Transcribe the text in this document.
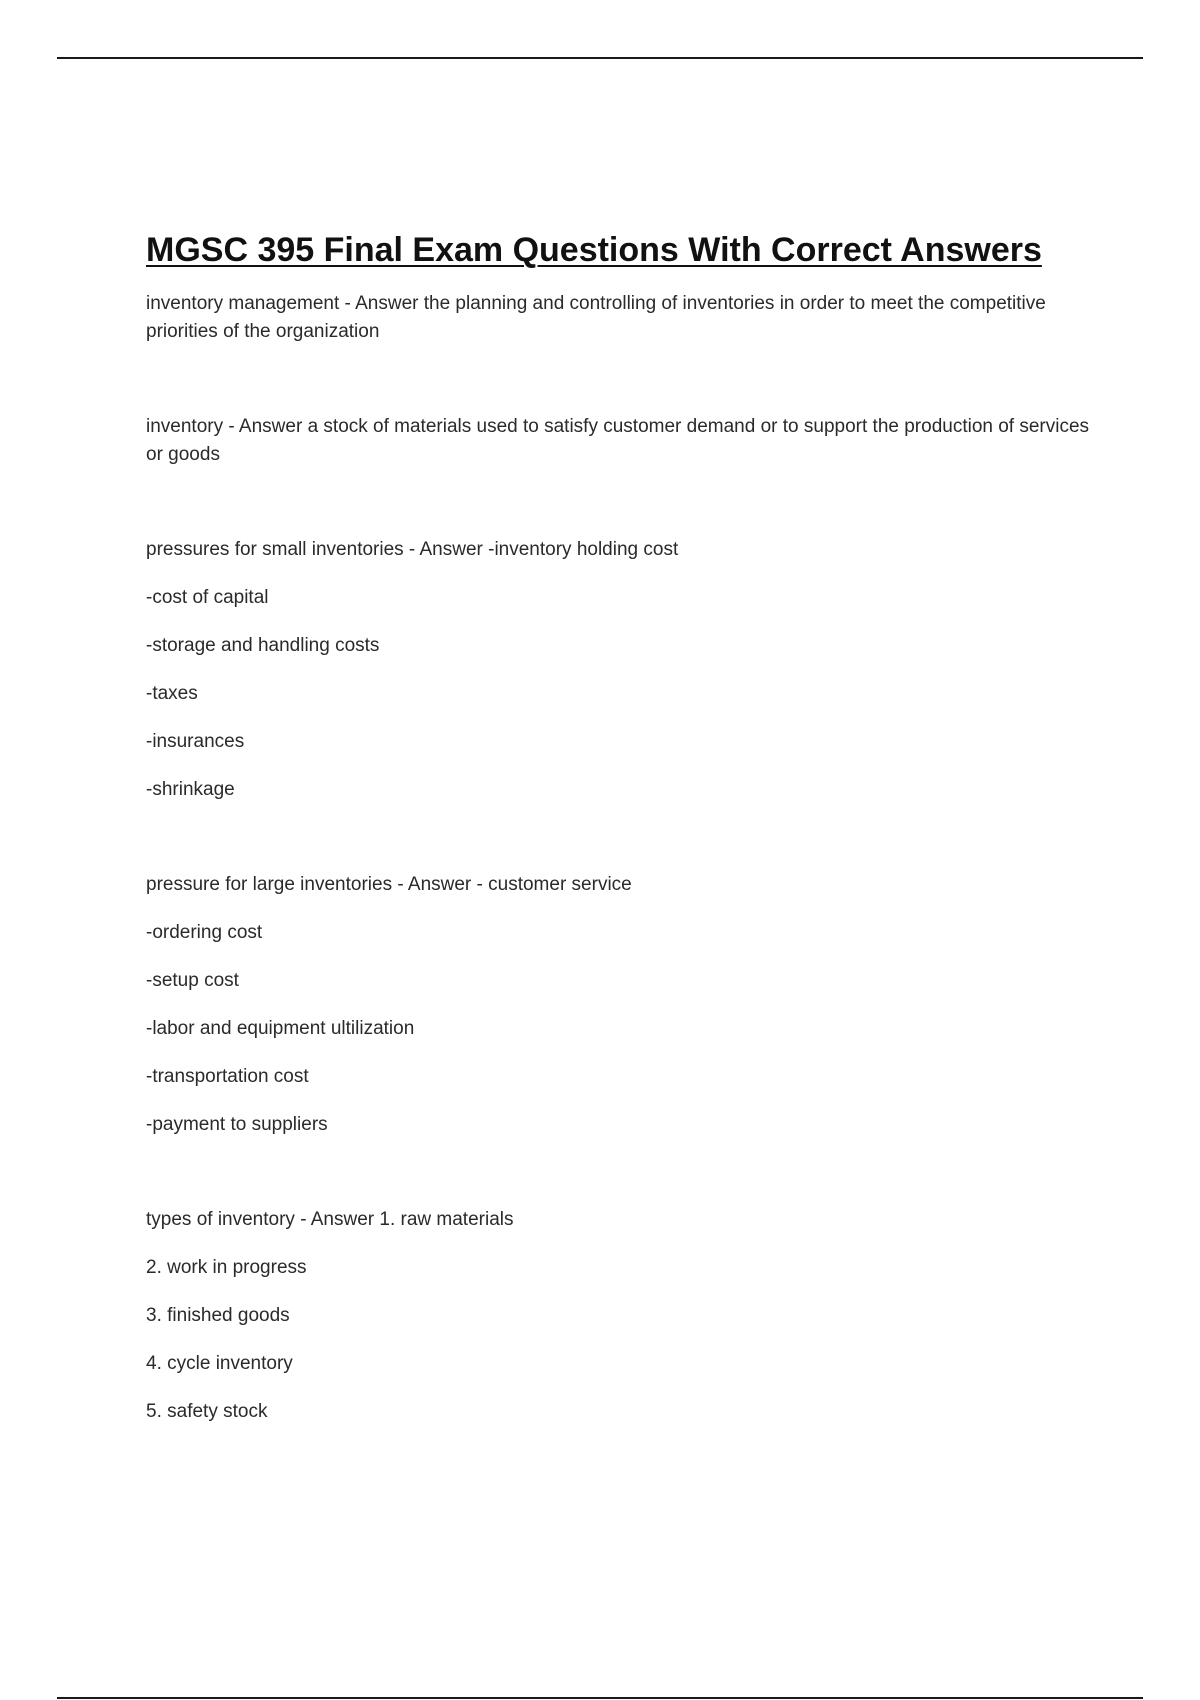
MGSC 395 Final Exam Questions With Correct Answers

inventory management - Answer the planning and controlling of inventories in order to meet the competitive priorities of the organization

inventory - Answer a stock of materials used to satisfy customer demand or to support the production of services or goods

pressures for small inventories - Answer -inventory holding cost

-cost of capital

-storage and handling costs

-taxes

-insurances

-shrinkage

pressure for large inventories - Answer - customer service

-ordering cost

-setup cost

-labor and equipment ultilization

-transportation cost

-payment to suppliers

types of inventory - Answer 1. raw materials

2. work in progress

3. finished goods

4. cycle inventory

5. safety stock
